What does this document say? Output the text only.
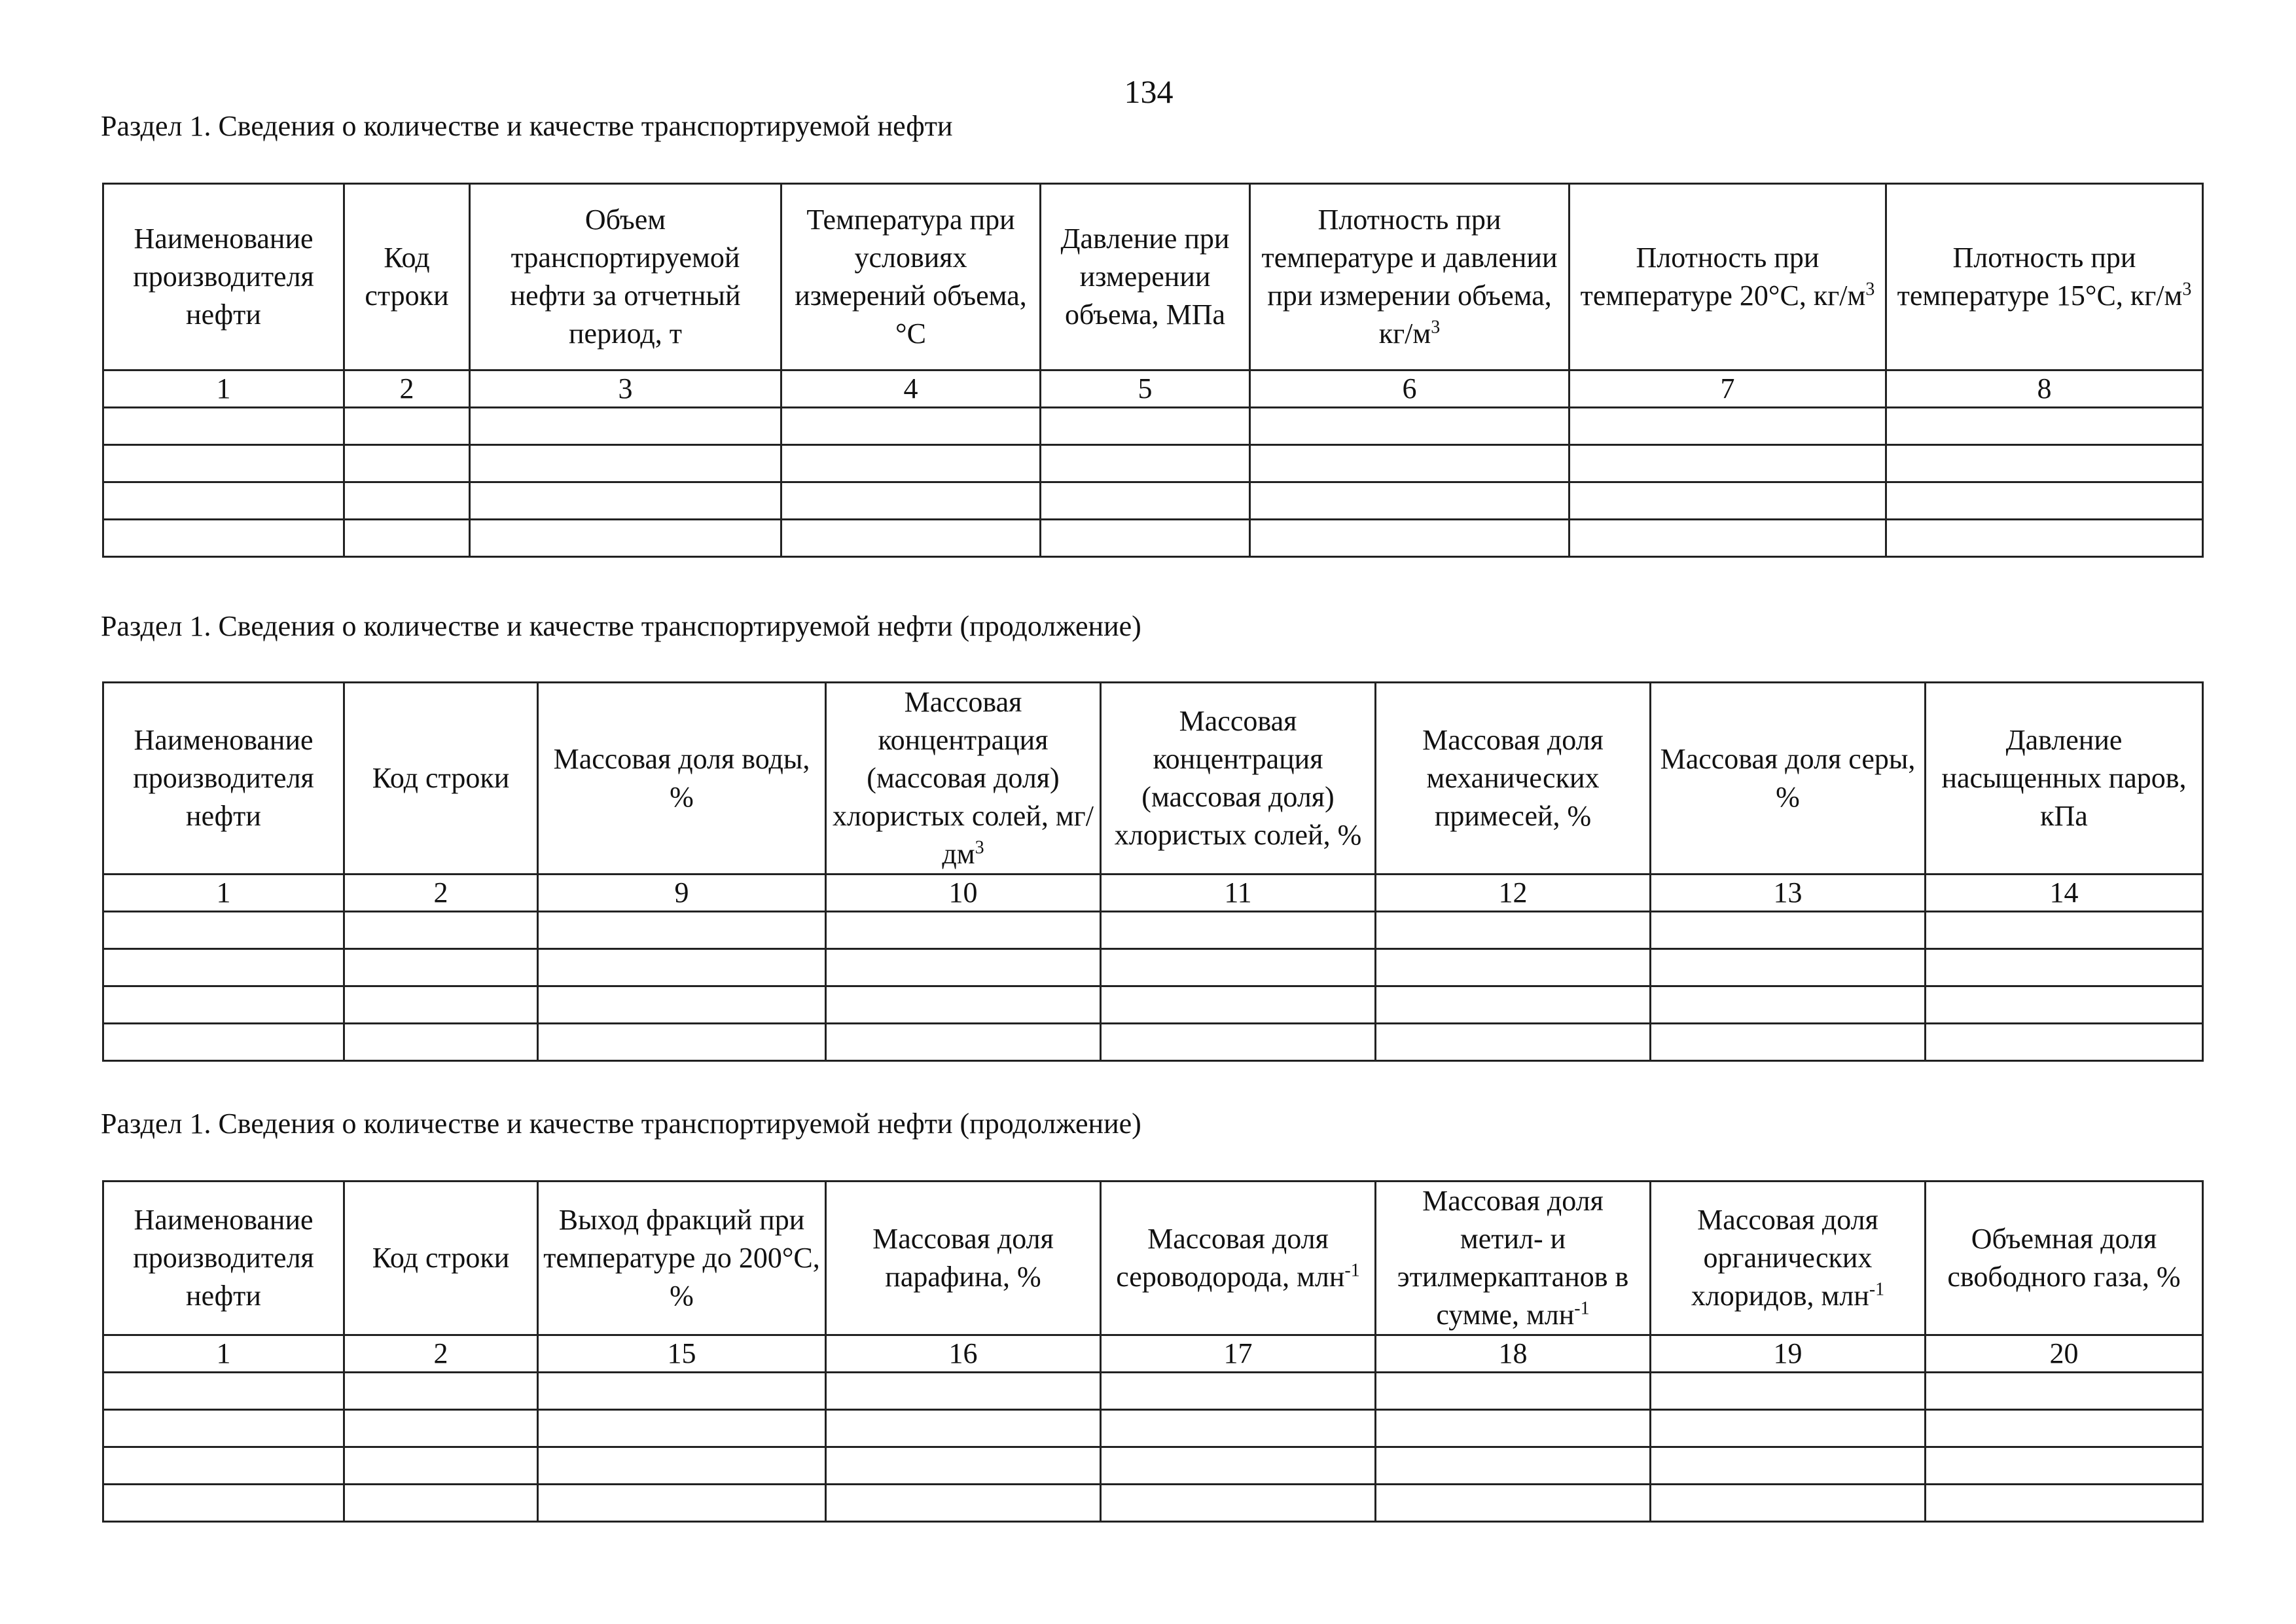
134
Раздел 1. Сведения о количестве и качестве транспортируемой нефти
Наименование производителя нефти	Код строки	Объем транспортируемой нефти за отчетный период, т	Температура при условиях измерений объема, °С	Давление при измерении объема, МПа	Плотность при температуре и давлении при измерении объема, $кг/м^3$	Плотность при температуре 20°С, $кг/м^3$	Плотность при температуре 15°С, $кг/м^3$
1	2	3	4	5	6	7	8

Раздел 1. Сведения о количестве и качестве транспортируемой нефти (продолжение)
Наименование производителя нефти	Код строки	Массовая доля воды, %	Массовая концентрация (массовая доля) хлористых солей, $мг/дм^3$	Массовая концентрация (массовая доля) хлористых солей, %	Массовая доля механических примесей, %	Массовая доля серы, %	Давление насыщенных паров, кПа
1	2	9	10	11	12	13	14

Раздел 1. Сведения о количестве и качестве транспортируемой нефти (продолжение)
Наименование производителя нефти	Код строки	Выход фракций при температуре до 200°С, %	Массовая доля парафина, %	Массовая доля сероводорода, млн$^{-1}$	Массовая доля метил- и этилмеркаптанов в сумме, млн$^{-1}$	Массовая доля органических хлоридов, млн$^{-1}$	Объемная доля свободного газа, %
1	2	15	16	17	18	19	20
